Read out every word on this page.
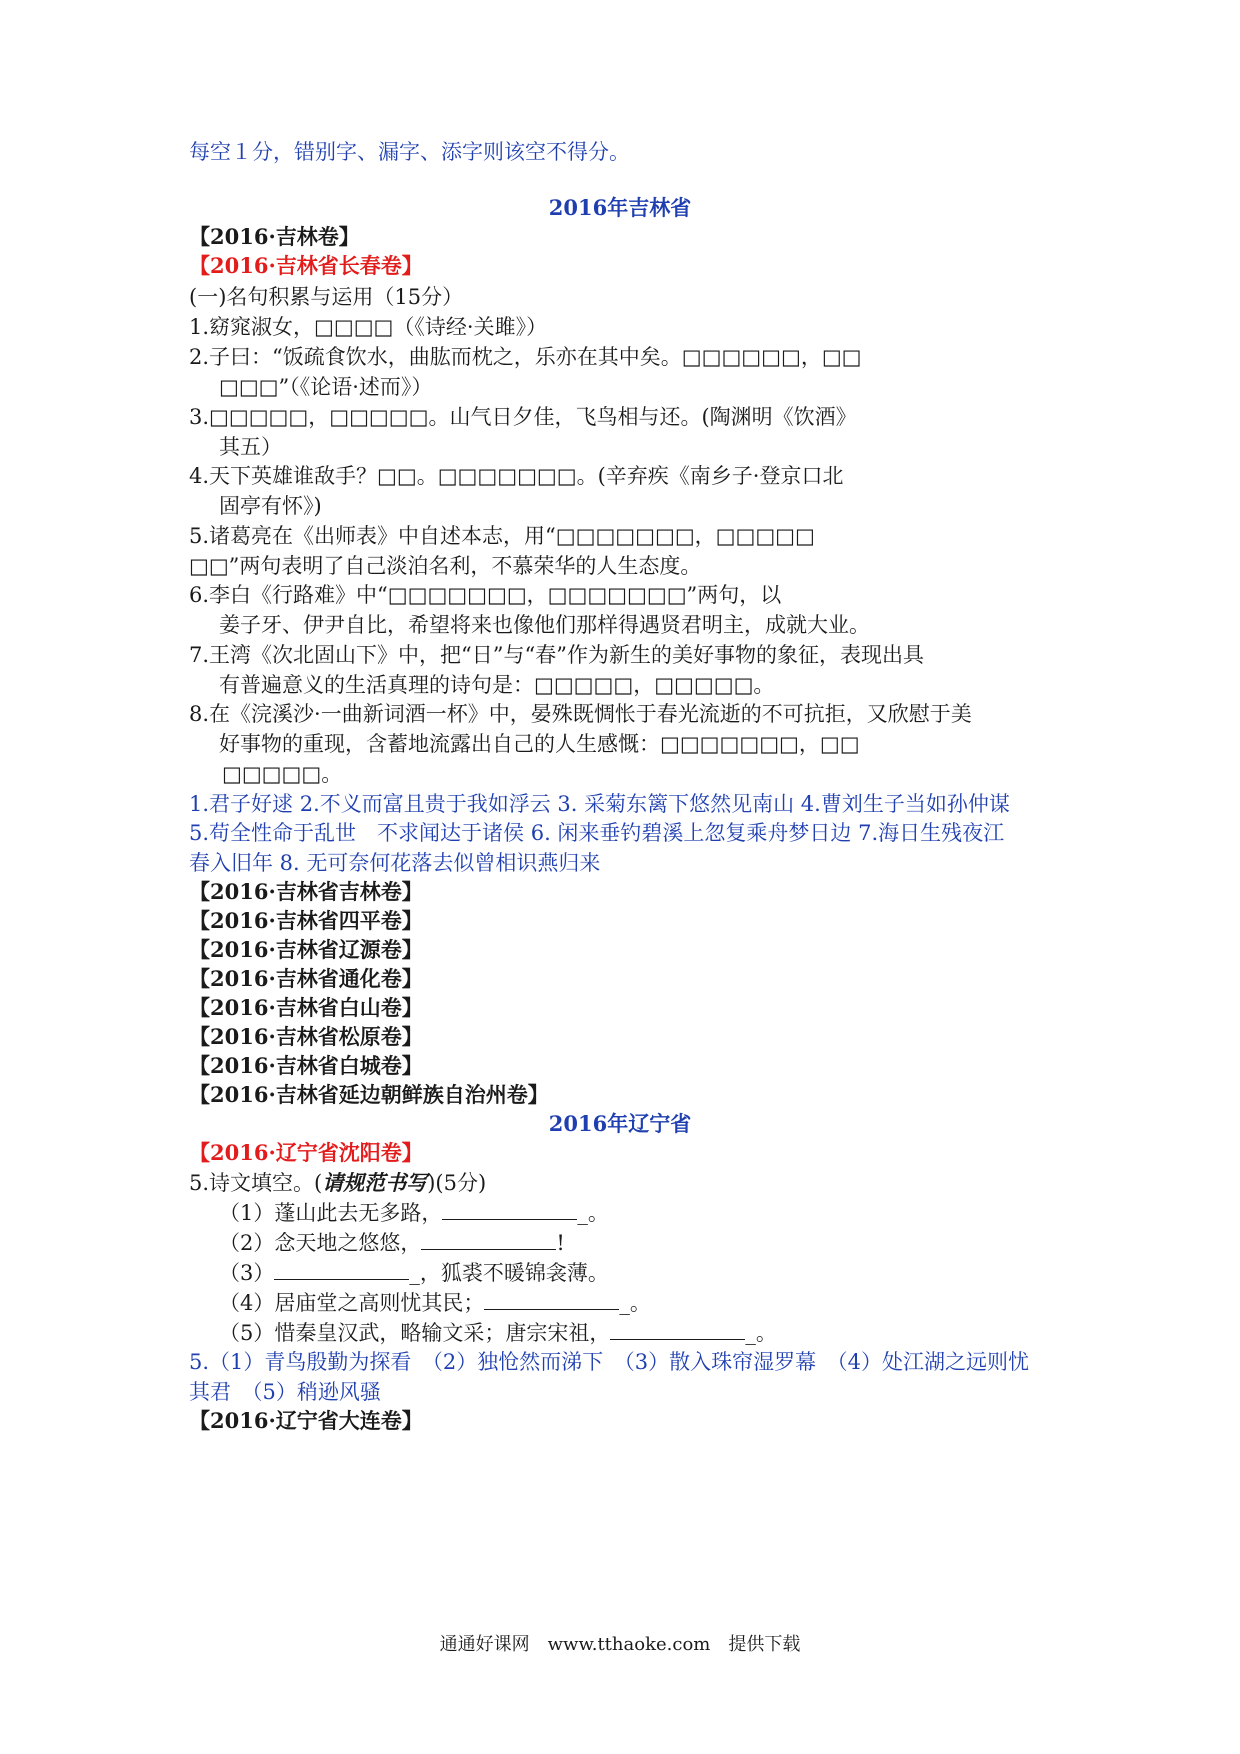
每空１分，错别字、漏字、添字则该空不得分。
2016年吉林省
【2016·吉林卷】
【2016·吉林省长春卷】
(一)名句积累与运用（15分）
1.窈窕淑女，□□□□（《诗经·关雎》）
2.子曰：“饭疏食饮水，曲肱而枕之，乐亦在其中矣。□□□□□□，□□
□□□”（《论语·述而》）
3.□□□□□，□□□□□。山气日夕佳，飞鸟相与还。(陶渊明《饮酒》
其五）
4.天下英雄谁敌手？□□。□□□□□□□。(辛弃疾《南乡子·登京口北
固亭有怀》)
5.诸葛亮在《出师表》中自述本志，用“□□□□□□□，□□□□□
□□”两句表明了自己淡泊名利，不慕荣华的人生态度。
6.李白《行路难》中“□□□□□□□，□□□□□□□”两句，以
姜子牙、伊尹自比，希望将来也像他们那样得遇贤君明主，成就大业。
7.王湾《次北固山下》中，把“日”与“春”作为新生的美好事物的象征，表现出具
有普遍意义的生活真理的诗句是：□□□□□，□□□□□。
8.在《浣溪沙·一曲新词酒一杯》中，晏殊既惆怅于春光流逝的不可抗拒，又欣慰于美
好事物的重现，含蓄地流露出自己的人生感慨：□□□□□□□，□□
□□□□□。
1.君子好逑 2.不义而富且贵于我如浮云 3. 采菊东篱下悠然见南山 4.曹刘生子当如孙仲谋
5.苟全性命于乱世　不求闻达于诸侯 6. 闲来垂钓碧溪上忽复乘舟梦日边 7.海日生残夜江
春入旧年 8. 无可奈何花落去似曾相识燕归来
【2016·吉林省吉林卷】
【2016·吉林省四平卷】
【2016·吉林省辽源卷】
【2016·吉林省通化卷】
【2016·吉林省白山卷】
【2016·吉林省松原卷】
【2016·吉林省白城卷】
【2016·吉林省延边朝鲜族自治州卷】
2016年辽宁省
【2016·辽宁省沈阳卷】
5.诗文填空。(请规范书写)(5分)
（1）蓬山此去无多路，	_。
（2）念天地之悠悠，	!
（3）	_，狐裘不暖锦衾薄。
（4）居庙堂之高则忧其民；	_。
（5）惜秦皇汉武，略输文采；唐宗宋祖，	_。
5.（1）青鸟殷勤为探看　（2）独怆然而涕下　（3）散入珠帘湿罗幕　（4）处江湖之远则忧
其君　（5）稍逊风骚
【2016·辽宁省大连卷】
通通好课网　www.tthaoke.com　提供下载
